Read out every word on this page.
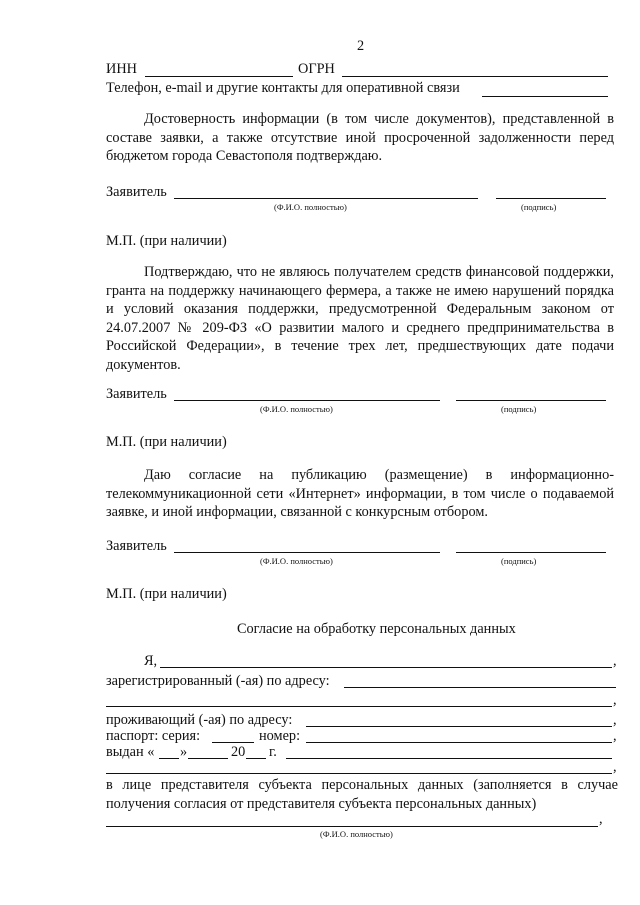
2
ИНН	ОГРН
Телефон, e-mail и другие контакты для оперативной связи
Достоверность информации (в том числе документов), представленной в составе заявки, а также отсутствие иной просроченной задолженности перед бюджетом города Севастополя подтверждаю.
Заявитель
(Ф.И.О. полностью)	(подпись)
М.П. (при наличии)
Подтверждаю, что не являюсь получателем средств финансовой поддержки, гранта на поддержку начинающего фермера, а также не имею нарушений порядка и условий оказания поддержки, предусмотренной Федеральным законом от 24.07.2007 № 209-ФЗ «О развитии малого и среднего предпринимательства в Российской Федерации», в течение трех лет, предшествующих дате подачи документов.
Заявитель
(Ф.И.О. полностью)	(подпись)
М.П. (при наличии)
Даю согласие на публикацию (размещение) в информационно-телекоммуникационной сети «Интернет» информации, в том числе о подаваемой заявке, и иной информации, связанной с конкурсным отбором.
Заявитель
(Ф.И.О. полностью)	(подпись)
М.П. (при наличии)
Согласие на обработку персональных данных
Я,	,
зарегистрированный (-ая) по адресу:
,
проживающий (-ая) по адресу:	,
паспорт: серия:	номер:	,
выдан « »	20 г.
,
в лице представителя субъекта персональных данных (заполняется в случае получения согласия от представителя субъекта персональных данных)
,
(Ф.И.О. полностью)
